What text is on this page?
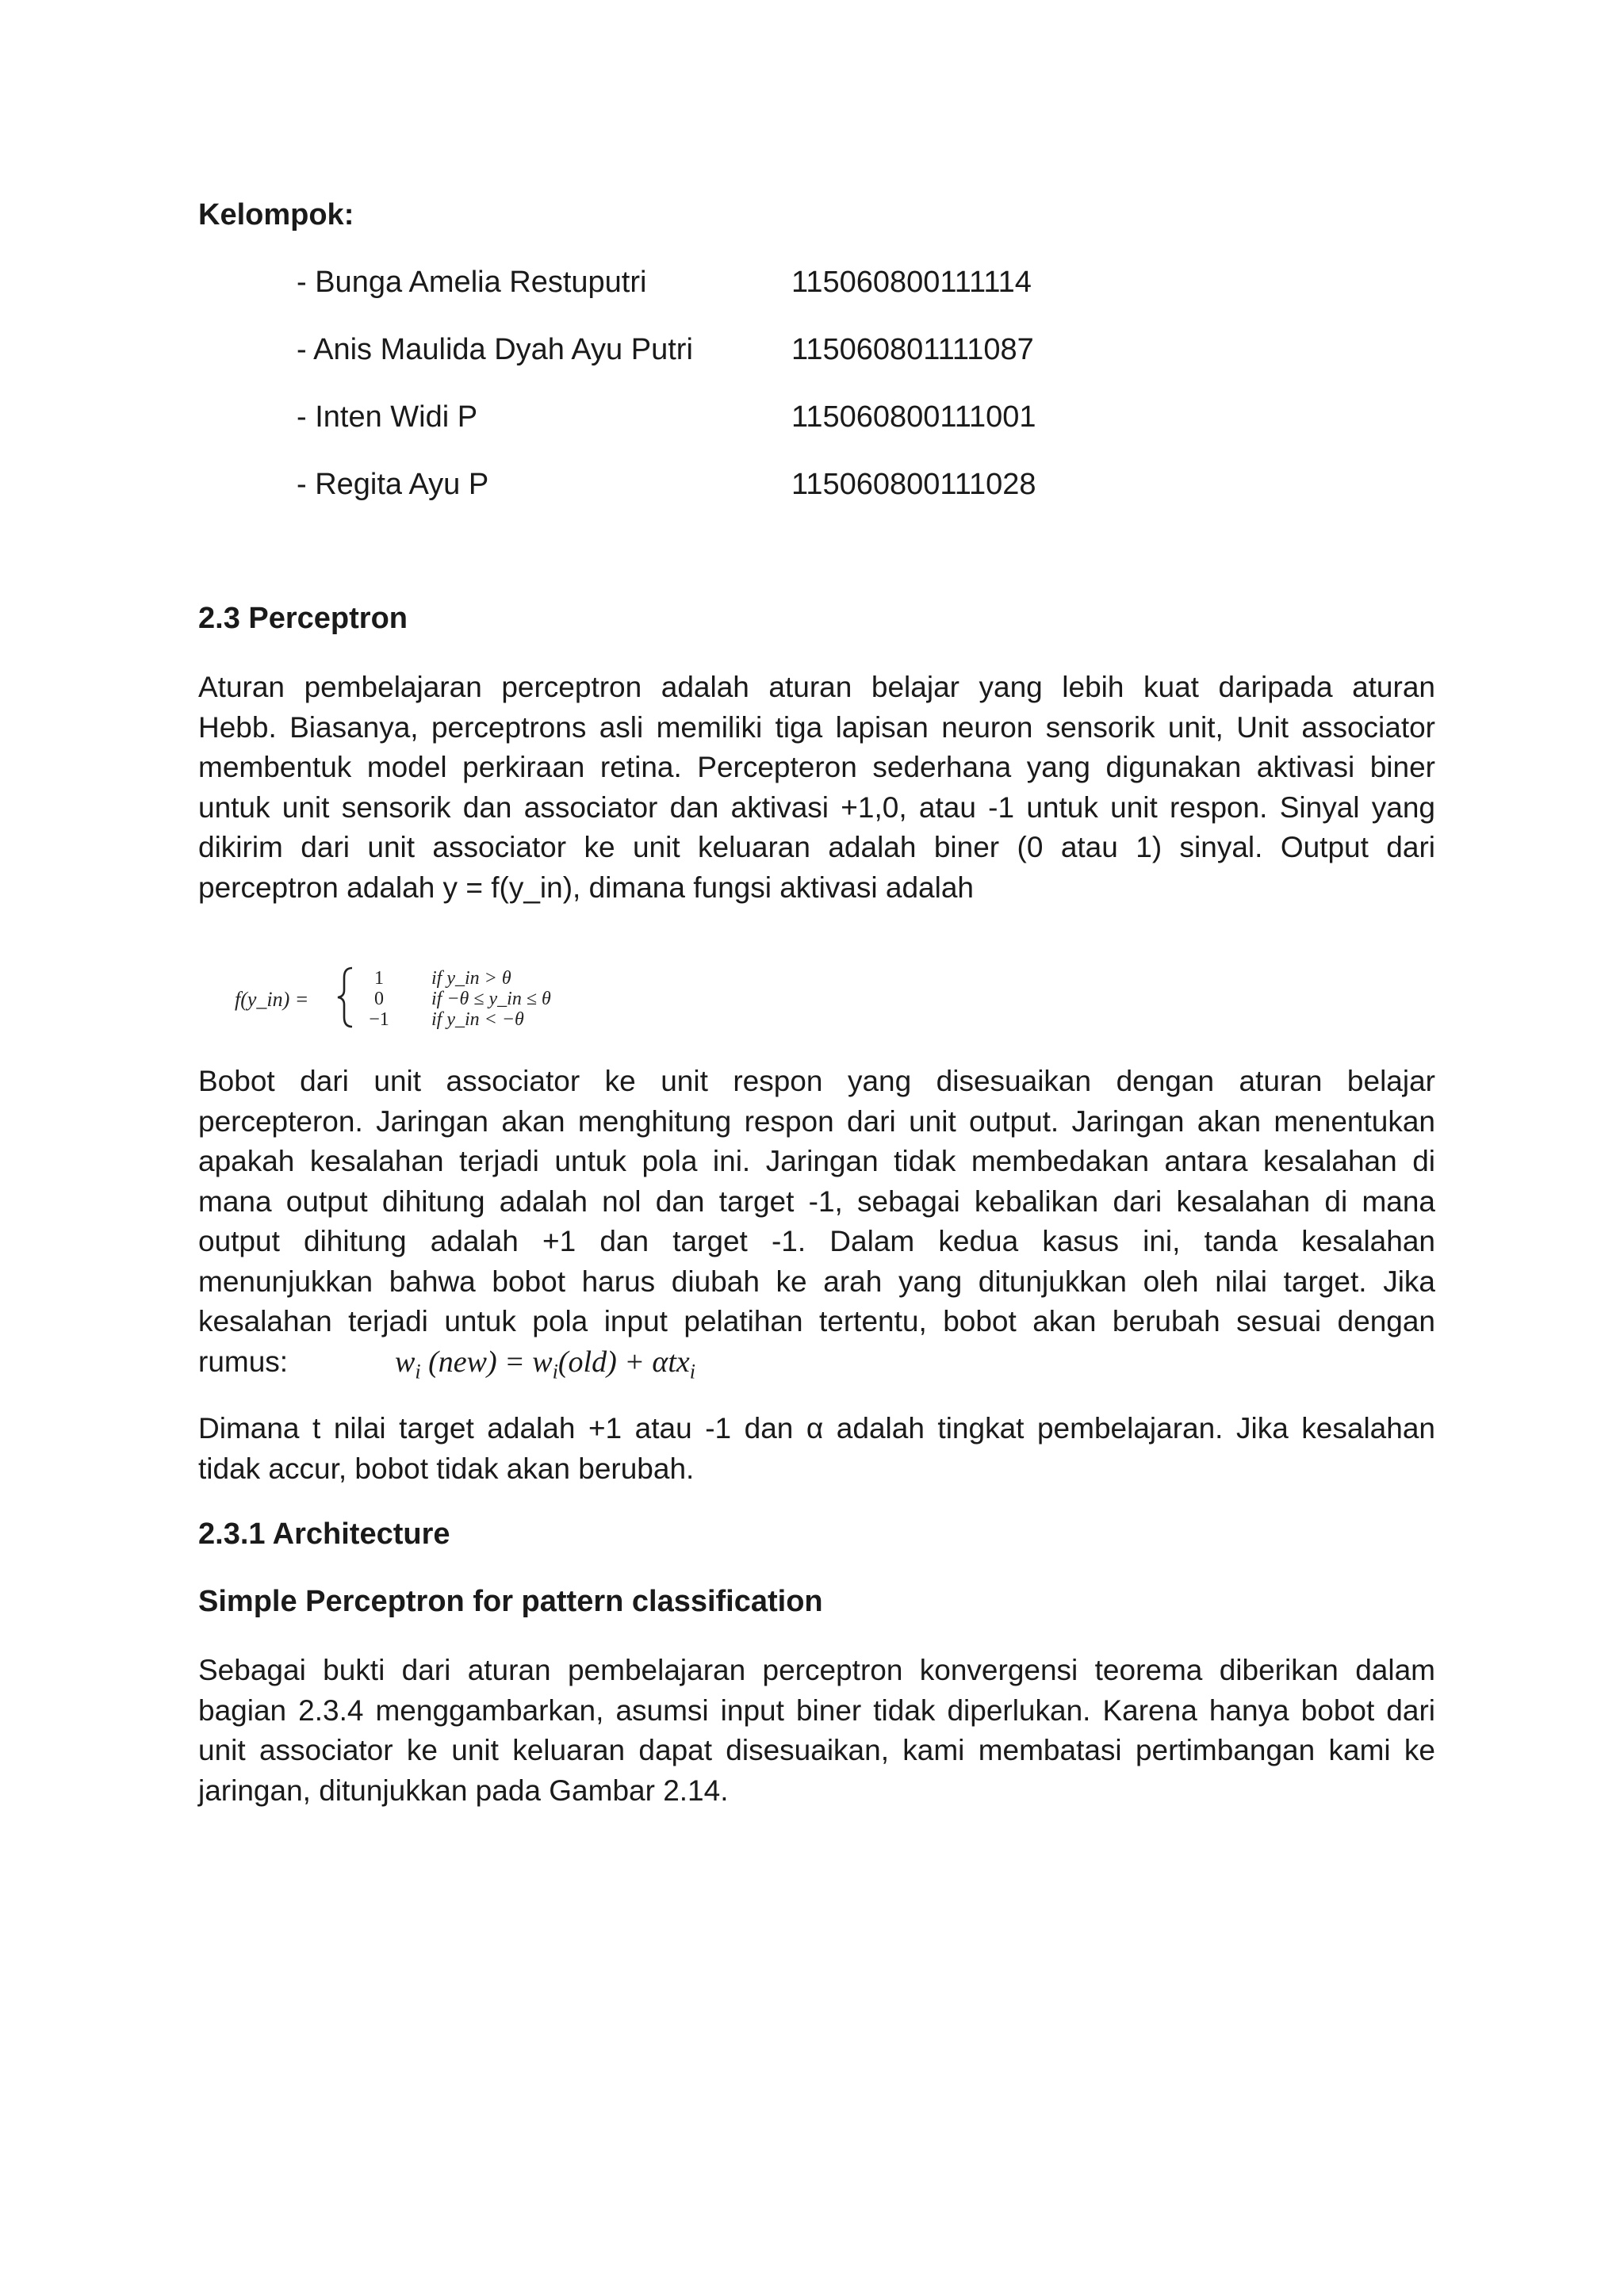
Kelompok:
- Bunga Amelia Restuputri	115060800111114
- Anis Maulida Dyah Ayu Putri	115060801111087
- Inten Widi P	115060800111001
- Regita Ayu P	115060800111028
2.3 Perceptron

Aturan pembelajaran perceptron adalah aturan belajar yang lebih kuat daripada aturan
Hebb. Biasanya, perceptrons asli memiliki tiga lapisan neuron sensorik unit, Unit associator
membentuk model perkiraan retina. Percepteron sederhana yang digunakan aktivasi biner
untuk unit sensorik dan associator dan aktivasi +1,0, atau -1 untuk unit respon. Sinyal yang
dikirim dari unit associator ke unit keluaran adalah biner (0 atau 1) sinyal. Output dari
perceptron adalah y = f(y_in), dimana fungsi aktivasi adalah

f(y_in) =
1	if y_in > θ
0	if −θ ≤ y_in ≤ θ
−1 if y_in < −θ

Bobot dari unit associator ke unit respon yang disesuaikan dengan aturan belajar
percepteron. Jaringan akan menghitung respon dari unit output. Jaringan akan menentukan
apakah kesalahan terjadi untuk pola ini. Jaringan tidak membedakan antara kesalahan di
mana output dihitung adalah nol dan target -1, sebagai kebalikan dari kesalahan di mana
output dihitung adalah +1 dan target -1. Dalam kedua kasus ini, tanda kesalahan
menunjukkan bahwa bobot harus diubah ke arah yang ditunjukkan oleh nilai target. Jika
kesalahan terjadi untuk pola input pelatihan tertentu, bobot akan berubah sesuai dengan

rumus:	$w_i$ $(new) = w_i(old) + \alpha tx_i$

Dimana t nilai target adalah +1 atau -1 dan α adalah tingkat pembelajaran. Jika kesalahan
tidak accur, bobot tidak akan berubah.

2.3.1 Architecture
Simple Perceptron for pattern classification

Sebagai bukti dari aturan pembelajaran perceptron konvergensi teorema diberikan dalam
bagian 2.3.4 menggambarkan, asumsi input biner tidak diperlukan. Karena hanya bobot dari
unit associator ke unit keluaran dapat disesuaikan, kami membatasi pertimbangan kami ke
jaringan, ditunjukkan pada Gambar 2.14.
